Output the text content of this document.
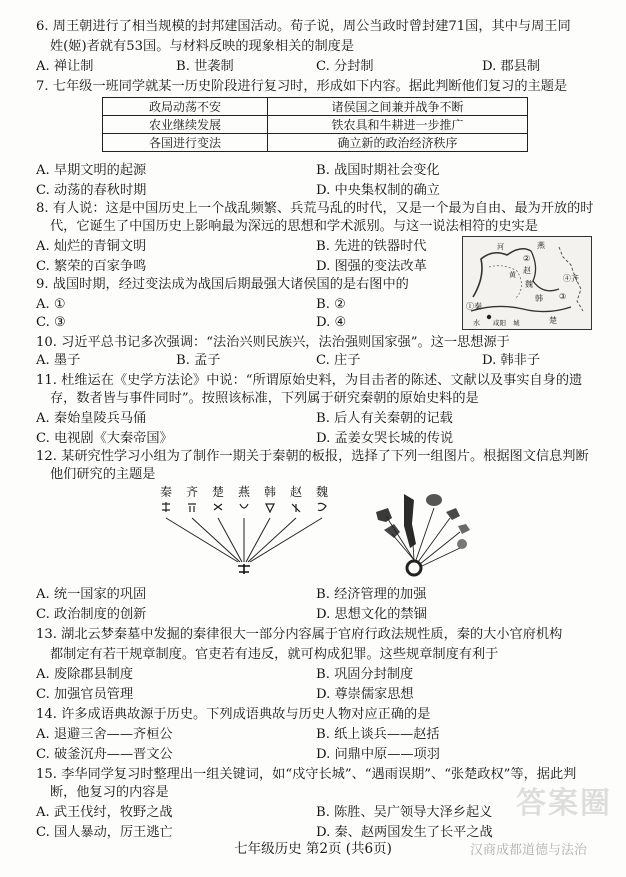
6. 周王朝进行了相当规模的封邦建国活动。荀子说，周公当政时曾封建71国，其中与周王同
姓(姬)者就有53国。与材料反映的现象相关的制度是
A. 禅让制	B. 世袭制	C. 分封制	D. 郡县制
7. 七年级一班同学就某一历史阶段进行复习时，形成如下内容。据此判断他们复习的主题是
政局动荡不安	诸侯国之间兼并战争不断
农业继续发展	铁农具和牛耕进一步推广
各国进行变法	确立新的政治经济秩序
A. 早期文明的起源	B. 战国时期社会变化
C. 动荡的春秋时期	D. 中央集权制的确立
8. 有人说：这是中国历史上一个战乱频繁、兵荒马乱的时代，又是一个最为自由、最为开放的时
代，它诞生了中国历史上影响最为深远的思想和学术派别。与这一说法相符的史实是
A. 灿烂的青铜文明	B. 先进的铁器时代
C. 繁荣的百家争鸣	D. 图强的变法改革
燕
②
赵
魏
④齐
①秦
③
韩
楚
河
水
黄
咸阳 城
9. 战国时期，经过变法成为战国后期最强大诸侯国的是右图中的
A. ①	B. ②
C. ③	D. ④
10. 习近平总书记多次强调：“法治兴则民族兴，法治强则国家强”。这一思想源于
A. 墨子	B. 孟子	C. 庄子	D. 韩非子
11. 杜维运在《史学方法论》中说：“所谓原始史料，为目击者的陈述、文献以及事实自身的遗
存，数者皆与事件同时”。按照该标准，下列属于研究秦朝的原始史料的是
A. 秦始皇陵兵马俑	B. 后人有关秦朝的记载
C. 电视剧《大秦帝国》	D. 孟姜女哭长城的传说
12. 某研究性学习小组为了制作一期关于秦朝的板报，选择了下列一组图片。根据图文信息判断
他们研究的主题是
秦 齐 楚 燕 韩 赵 魏
A. 统一国家的巩固	B. 经济管理的加强
C. 政治制度的创新	D. 思想文化的禁锢
13. 湖北云梦秦墓中发掘的秦律很大一部分内容属于官府行政法规性质，秦的大小官府机构
都制定有若干规章制度。官吏若有违反，就可构成犯罪。这些规章制度有利于
A. 废除郡县制度	B. 巩固分封制度
C. 加强官员管理	D. 尊崇儒家思想
14. 许多成语典故源于历史。下列成语典故与历史人物对应正确的是
A. 退避三舍——齐桓公	B. 纸上谈兵——赵括
C. 破釜沉舟——晋文公	D. 问鼎中原——项羽
15. 李华同学复习时整理出一组关键词，如“戍守长城”、“遇雨误期”、“张楚政权”等，据此判
断，他复习的内容是
A. 武王伐纣，牧野之战	B. 陈胜、吴广领导大泽乡起义
C. 国人暴动，厉王逃亡	D. 秦、赵两国发生了长平之战
七年级历史 第2页 (共6页)
答案圈
汉商成都道德与法治
